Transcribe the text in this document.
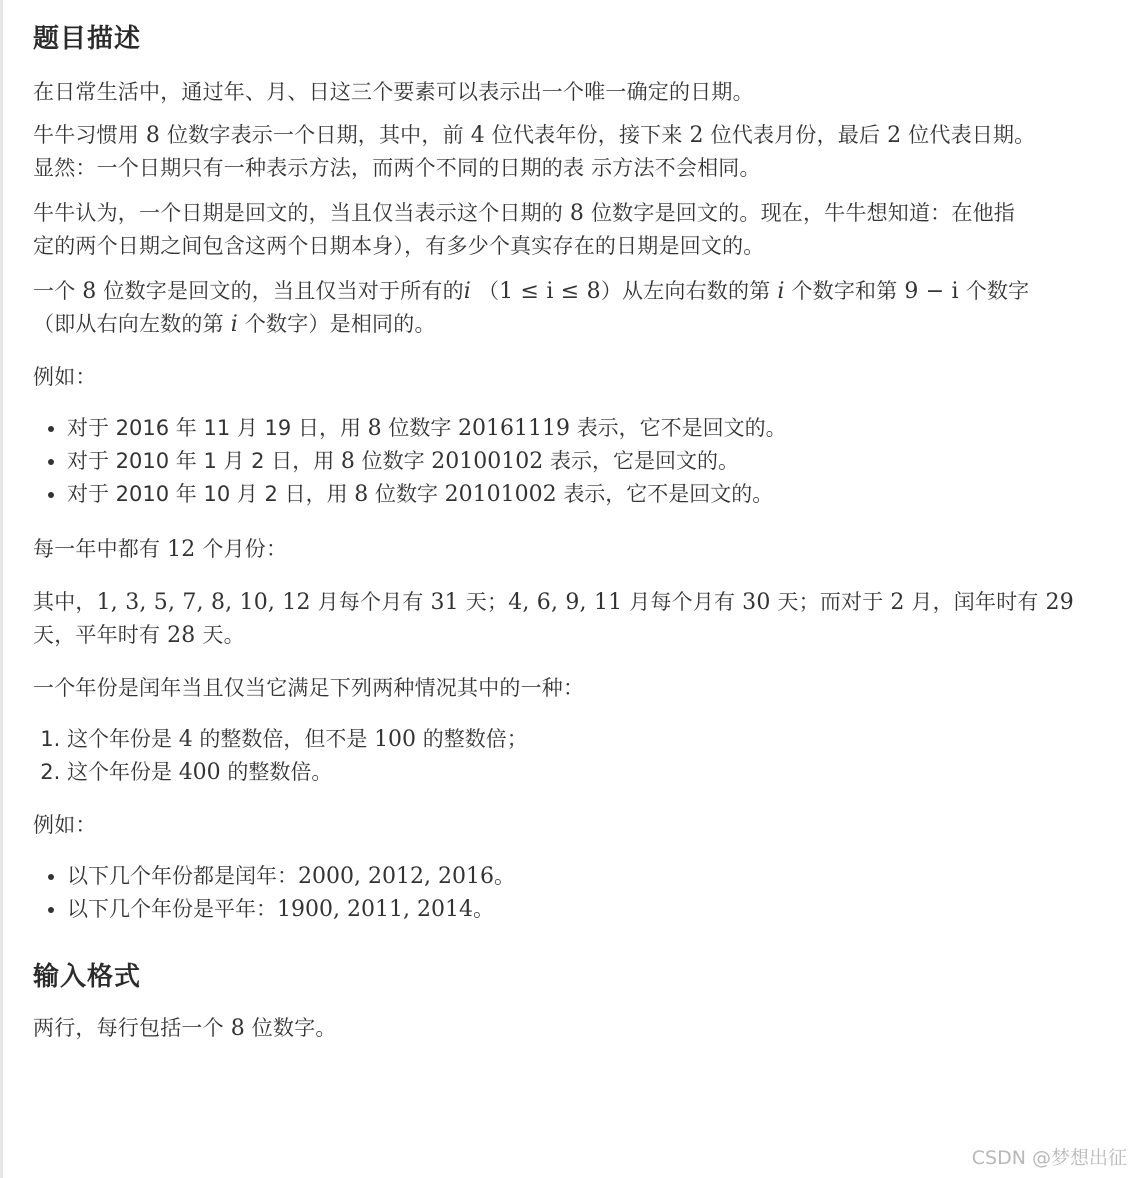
题目描述

在日常生活中，通过年、月、日这三个要素可以表示出一个唯一确定的日期。

牛牛习惯用 8 位数字表示一个日期，其中，前 4 位代表年份，接下来 2 位代表月份，最后 2 位代表日期。
显然：一个日期只有一种表示方法，而两个不同的日期的表 示方法不会相同。

牛牛认为，一个日期是回文的，当且仅当表示这个日期的 8 位数字是回文的。现在，牛牛想知道：在他指
定的两个日期之间包含这两个日期本身），有多少个真实存在的日期是回文的。

一个 8 位数字是回文的，当且仅当对于所有的i （1 ≤ i ≤ 8）从左向右数的第 i 个数字和第 9 − i 个数字
（即从右向左数的第 i 个数字）是相同的。

例如：

• 对于 2016 年 11 月 19 日，用 8 位数字 20161119 表示，它不是回文的。
• 对于 2010 年 1 月 2 日，用 8 位数字 20100102 表示，它是回文的。
• 对于 2010 年 10 月 2 日，用 8 位数字 20101002 表示，它不是回文的。

每一年中都有 12 个月份：

其中，1, 3, 5, 7, 8, 10, 12 月每个月有 31 天；4, 6, 9, 11 月每个月有 30 天；而对于 2 月，闰年时有 29
天，平年时有 28 天。

一个年份是闰年当且仅当它满足下列两种情况其中的一种：

1. 这个年份是 4 的整数倍，但不是 100 的整数倍；
2. 这个年份是 400 的整数倍。

例如：

• 以下几个年份都是闰年：2000, 2012, 2016。
• 以下几个年份是平年：1900, 2011, 2014。
输入格式

两行，每行包括一个 8 位数字。

CSDN @梦想出征
